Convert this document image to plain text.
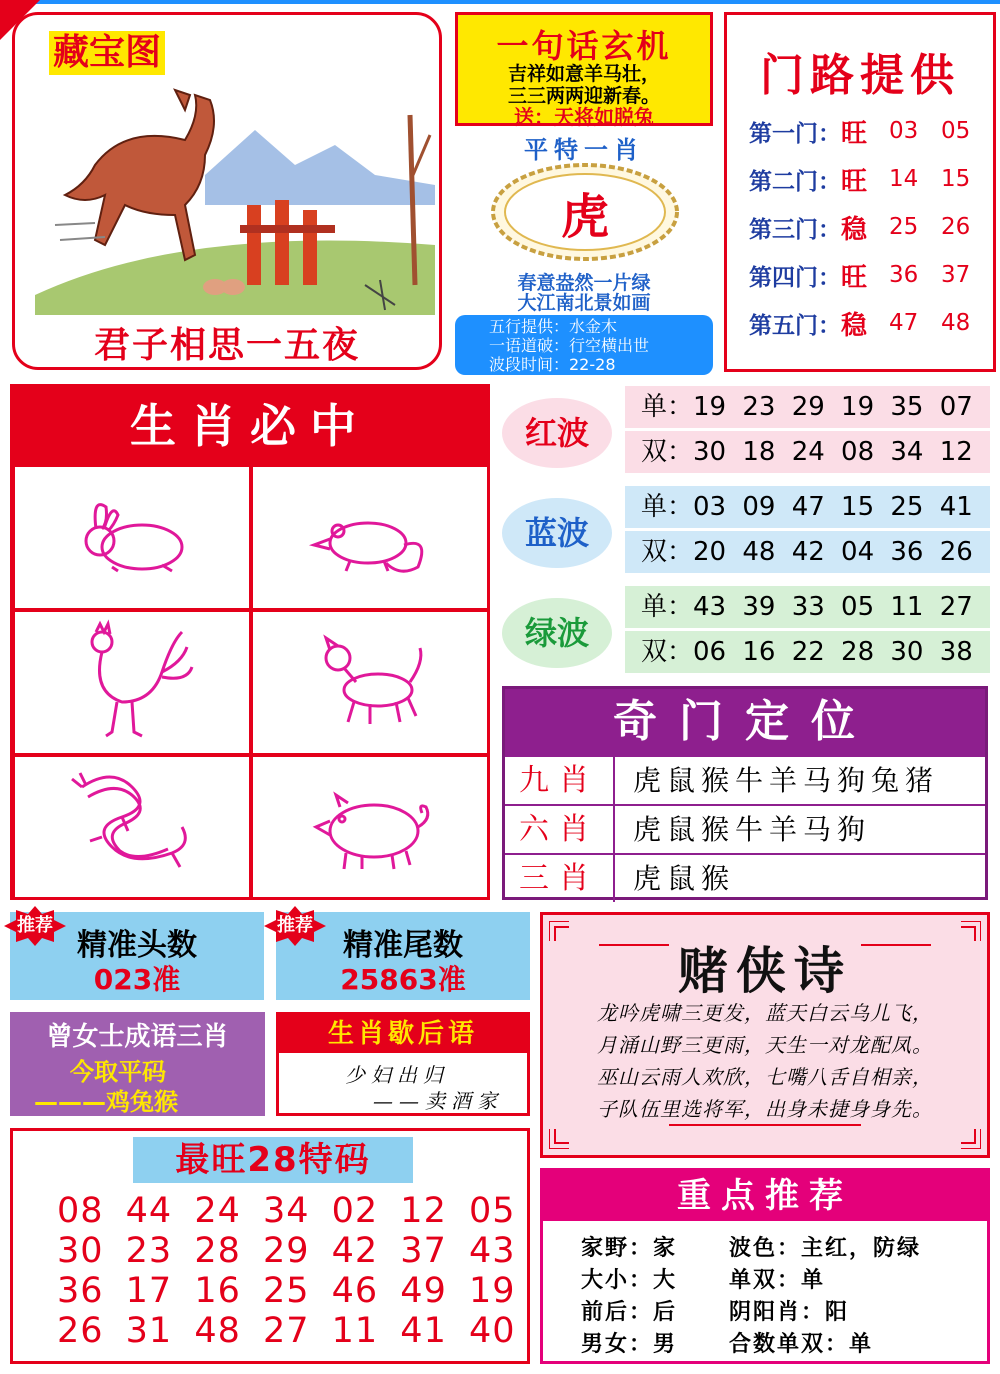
藏宝图
君子相思一五夜
一句话玄机
吉祥如意羊马壮，
三三两两迎新春。
送：天将如脱兔
平特一肖
虎
春意盎然一片绿
大江南北景如画
五行提供：水金木
一语道破：行空横出世
波段时间：22-28
门路提供
第一门： 旺 03 05
第二门： 旺 14 15
第三门： 稳 25 26
第四门： 旺 36 37
第五门： 稳 47 48
生肖必中	红波
单：19 23 29 19 35 07
双：30 18 24 08 34 12
蓝波
单：03 09 47 15 25 41
双：20 48 42 04 36 26
绿波
单：43 39 33 05 11 27
双：06 16 22 28 30 38
奇门定位
九肖	虎鼠猴牛羊马狗兔猪
六肖	虎鼠猴牛羊马狗
三肖	虎鼠猴
精准头数
023准
推荐
精准尾数
25863准
推荐
曾女士成语三肖
今取平码
———鸡兔猴
生肖歇后语
少妇出归
——卖酒家
赌侠诗
龙吟虎啸三更发，蓝天白云乌儿飞，
月涌山野三更雨，天生一对龙配凤。
巫山云雨人欢欣，七嘴八舌自相亲，
子队伍里选将军，出身未捷身身先。
最旺28特码
08 44 24 34 02 12 05
30 23 28 29 42 37 43
36 17 16 25 46 49 19
26 31 48 27 11 41 40
重点推荐
家野：家 波色：主红，防绿
大小：大 单双：单
前后：后 阴阳肖：阳
男女：男 合数单双：单
